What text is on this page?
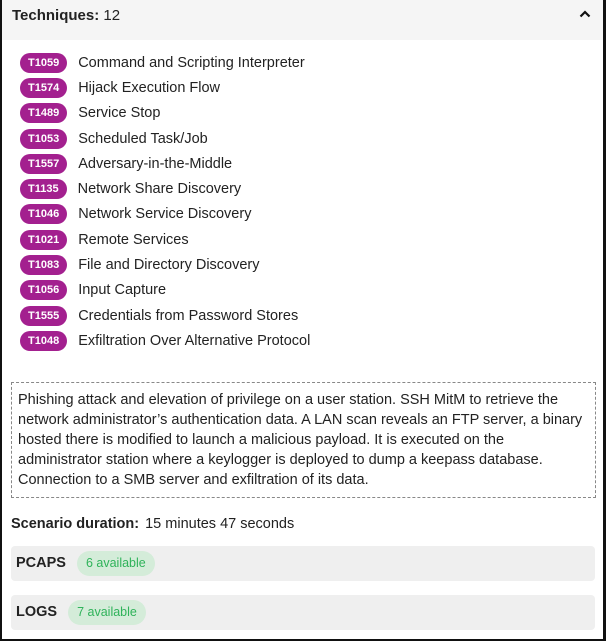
Techniques: 12
T1059	Command and Scripting Interpreter
T1574	Hijack Execution Flow
T1489	Service Stop
T1053	Scheduled Task/Job
T1557	Adversary-in-the-Middle
T1135	Network Share Discovery
T1046	Network Service Discovery
T1021	Remote Services
T1083	File and Directory Discovery
T1056	Input Capture
T1555	Credentials from Password Stores
T1048	Exfiltration Over Alternative Protocol
Phishing attack and elevation of privilege on a user station. SSH MitM to retrieve the network administrator’s authentication data. A LAN scan reveals an FTP server, a binary hosted there is modified to launch a malicious payload. It is executed on the administrator station where a keylogger is deployed to dump a keepass database. Connection to a SMB server and exfiltration of its data.
Scenario duration: 15 minutes 47 seconds
PCAPS	6 available
LOGS	7 available
